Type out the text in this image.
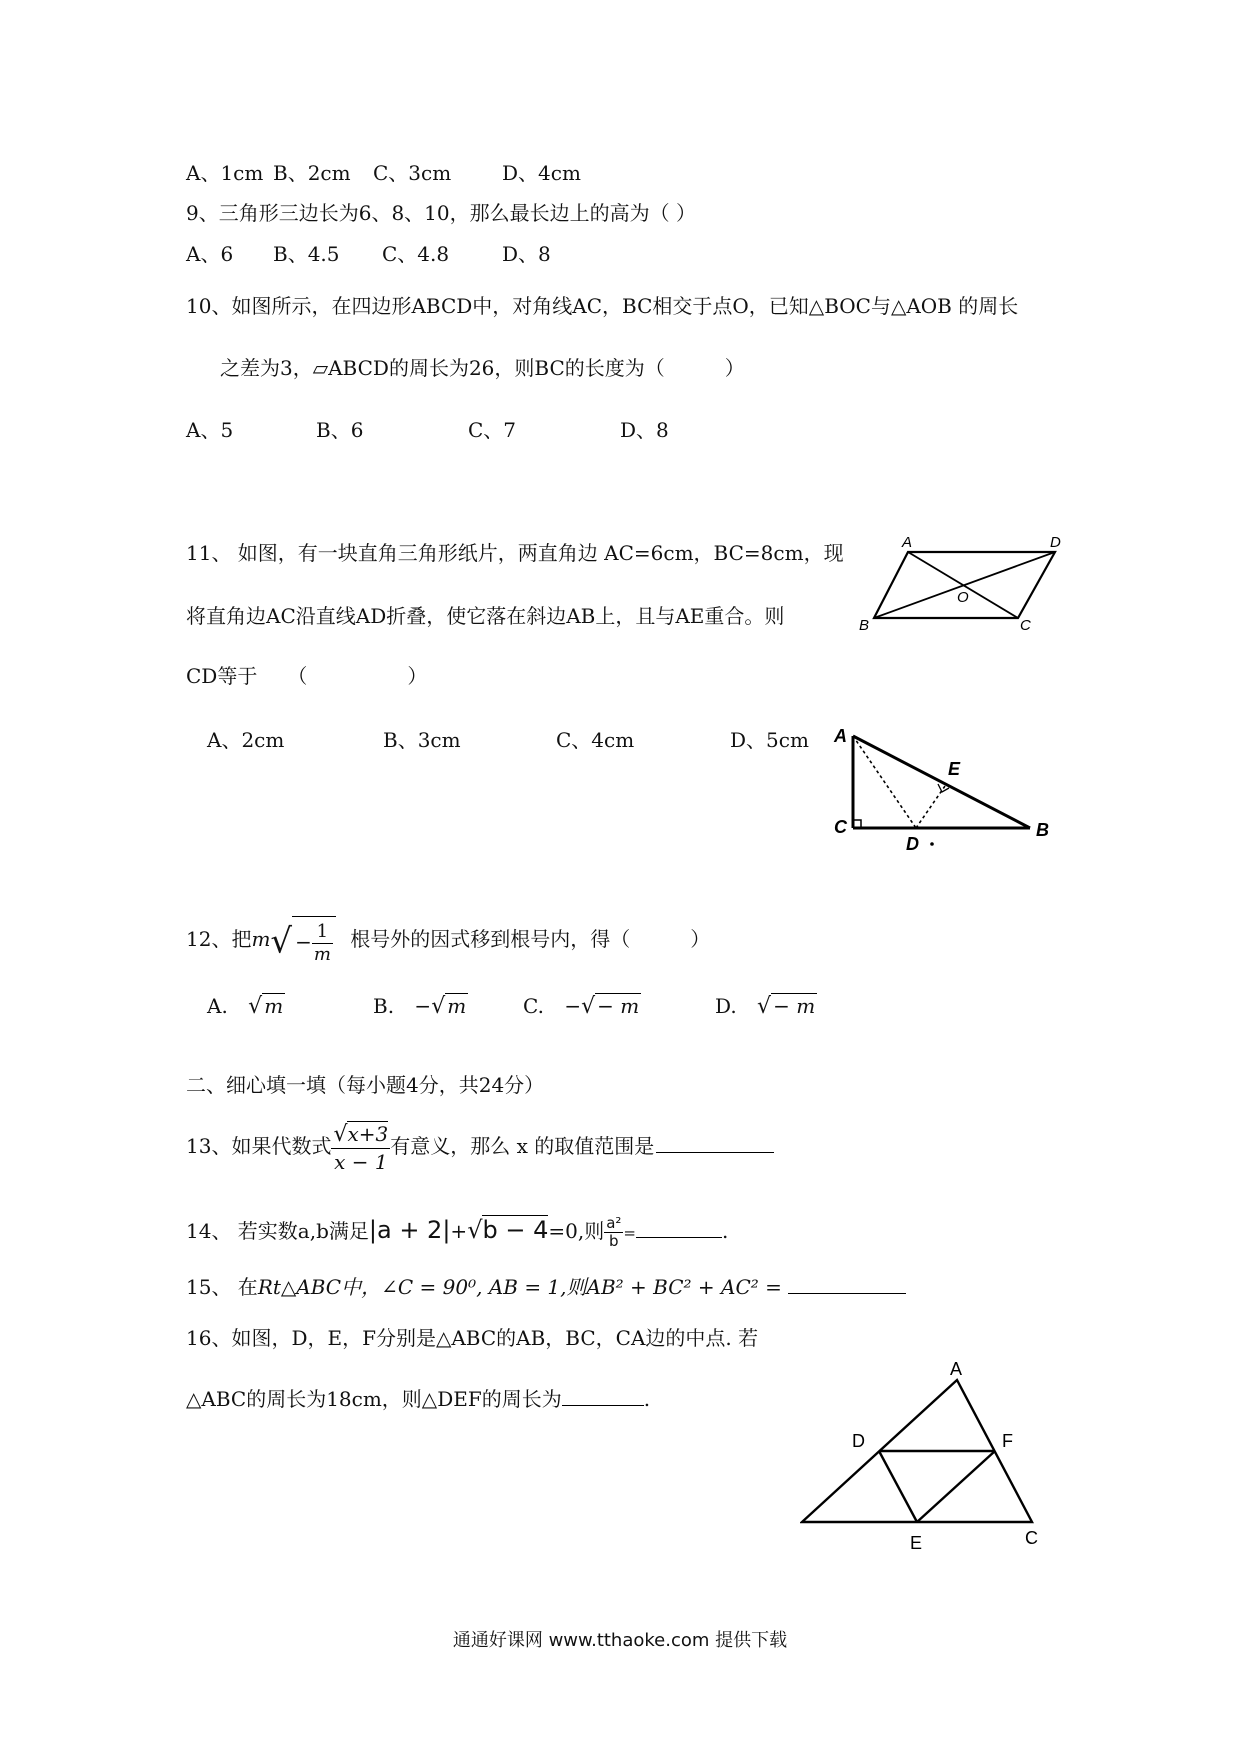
A、1cm B、2cm C、3cm	D、4cm
9、三角形三边长为6、8、10，那么最长边上的高为（ ）
A、6 B、4.5 C、4.8	D、8
10、如图所示，在四边形ABCD中，对角线AC，BC相交于点O，已知△BOC与△AOB 的周长
之差为3，▱ABCD的周长为26，则BC的长度为（　　　）
A、5	B、6	C、7	D、8
A	D
B	C
O
11、 如图，有一块直角三角形纸片，两直角边 AC=6cm，BC=8cm，现
将直角边AC沿直线AD折叠，使它落在斜边AB上，且与AE重合。则
CD等于　　（　　　　　）
A、2cm	B、3cm	C、4cm	D、5cm A
E
C
D
B
12、把$m√ - \frac{1}{m}$ 根号外的因式移到根号内，得（　　　）
A. √ m	B. −√ m	C. −√ − m	D. √ − m
二、细心填一填（每小题4分，共24分）
13、如果代数式 $\frac{√x+3}{x - 1}$ 有意义，那么 x 的取值范围是
14、 若实数a,b满足|a + 2|+√b − 4=0,则 $\frac{\text{a²}}{b}$ =	.
15、 在Rt△ABC中，∠C = 90⁰, AB = 1,则AB² + BC² + AC² =
16、如图，D，E，F分别是△ABC的AB，BC，CA边的中点. 若
△ABC的周长为18cm，则△DEF的周长为	.
A
D	F
E	C
通通好课网 www.tthaoke.com 提供下载
